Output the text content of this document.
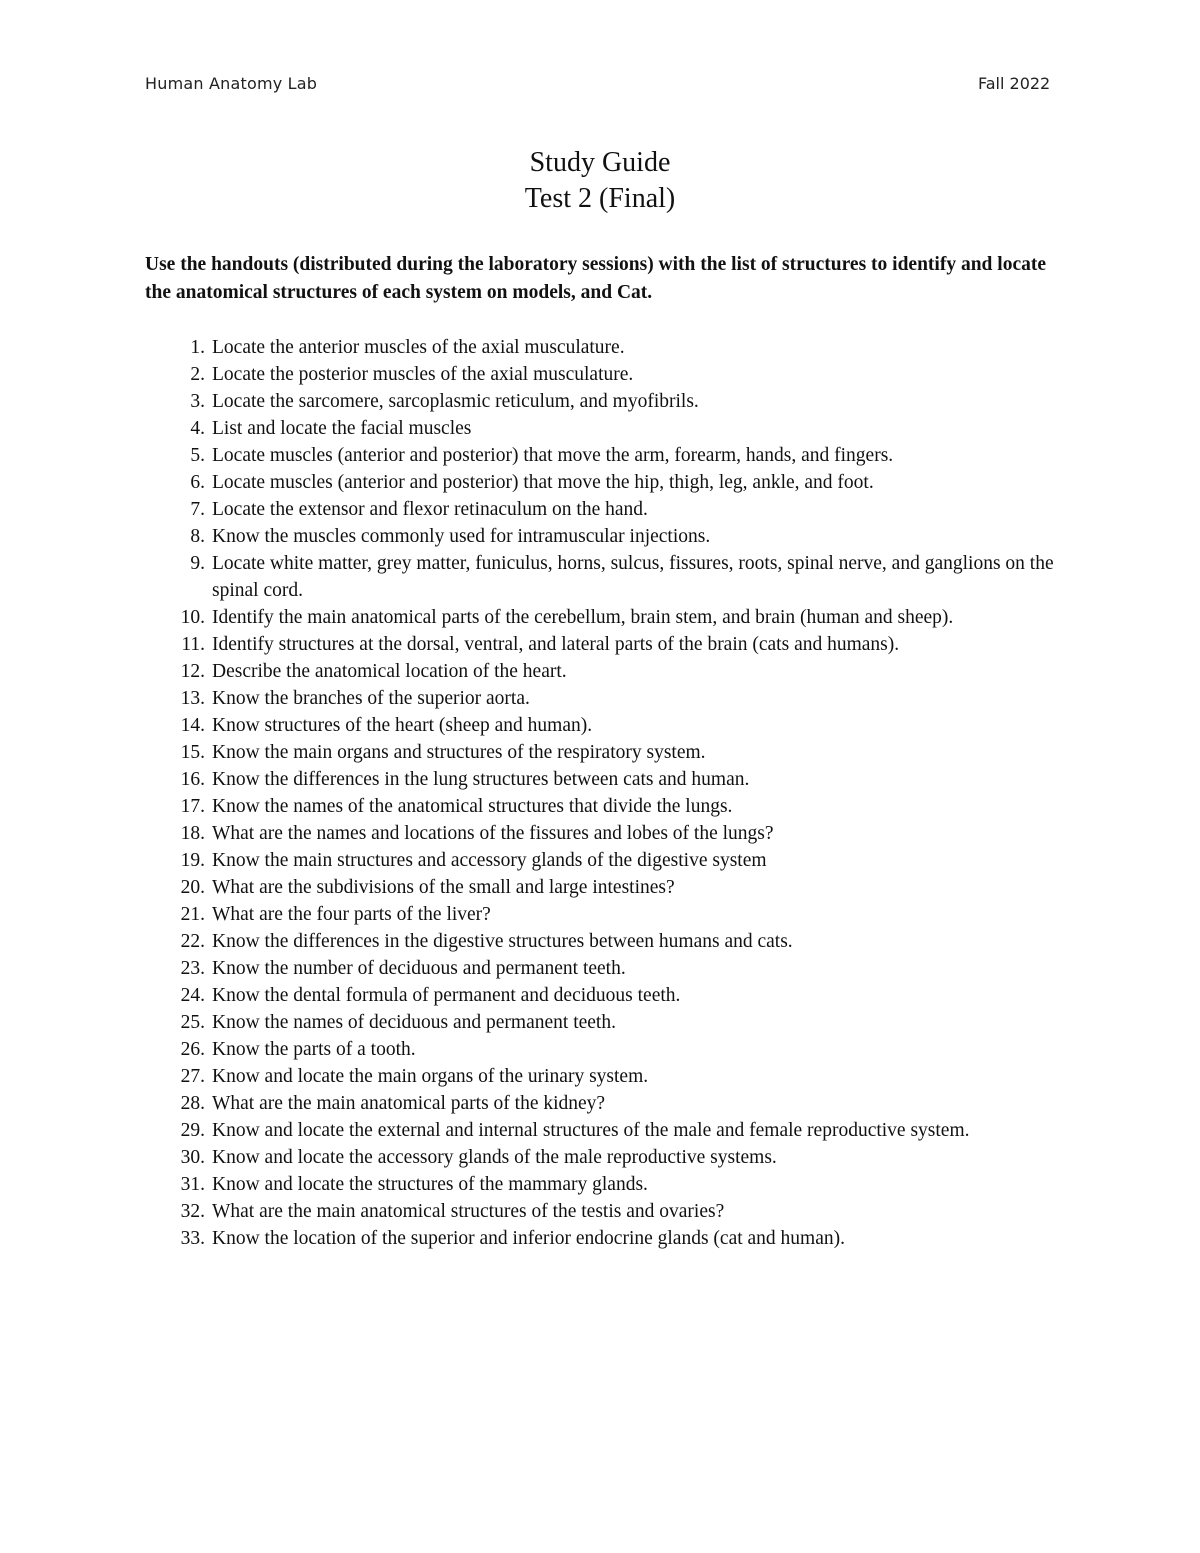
Human Anatomy Lab	Fall 2022
Study Guide
Test 2 (Final)
Use the handouts (distributed during the laboratory sessions) with the list of structures to identify and locate the anatomical structures of each system on models, and Cat.
1. Locate the anterior muscles of the axial musculature.
2. Locate the posterior muscles of the axial musculature.
3. Locate the sarcomere, sarcoplasmic reticulum, and myofibrils.
4. List and locate the facial muscles
5. Locate muscles (anterior and posterior) that move the arm, forearm, hands, and fingers.
6. Locate muscles (anterior and posterior) that move the hip, thigh, leg, ankle, and foot.
7. Locate the extensor and flexor retinaculum on the hand.
8. Know the muscles commonly used for intramuscular injections.
9. Locate white matter, grey matter, funiculus, horns, sulcus, fissures, roots, spinal nerve, and ganglions on the spinal cord.
10. Identify the main anatomical parts of the cerebellum, brain stem, and brain (human and sheep).
11. Identify structures at the dorsal, ventral, and lateral parts of the brain (cats and humans).
12. Describe the anatomical location of the heart.
13. Know the branches of the superior aorta.
14. Know structures of the heart (sheep and human).
15. Know the main organs and structures of the respiratory system.
16. Know the differences in the lung structures between cats and human.
17. Know the names of the anatomical structures that divide the lungs.
18. What are the names and locations of the fissures and lobes of the lungs?
19. Know the main structures and accessory glands of the digestive system
20. What are the subdivisions of the small and large intestines?
21. What are the four parts of the liver?
22. Know the differences in the digestive structures between humans and cats.
23. Know the number of deciduous and permanent teeth.
24. Know the dental formula of permanent and deciduous teeth.
25. Know the names of deciduous and permanent teeth.
26. Know the parts of a tooth.
27. Know and locate the main organs of the urinary system.
28. What are the main anatomical parts of the kidney?
29. Know and locate the external and internal structures of the male and female reproductive system.
30. Know and locate the accessory glands of the male reproductive systems.
31. Know and locate the structures of the mammary glands.
32. What are the main anatomical structures of the testis and ovaries?
33. Know the location of the superior and inferior endocrine glands (cat and human).
